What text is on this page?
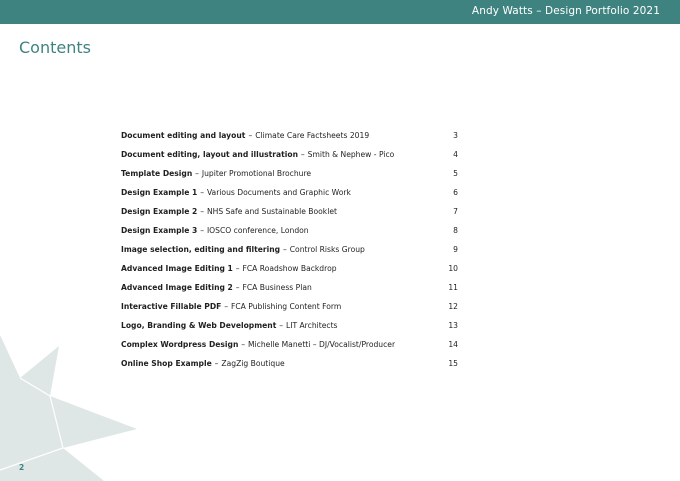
Andy Watts – Design Portfolio 2021
Contents
Document editing and layout – Climate Care Factsheets 2019	3
Document editing, layout and illustration – Smith & Nephew - Pico	4
Template Design – Jupiter Promotional Brochure	5
Design Example 1 – Various Documents and Graphic Work	6
Design Example 2 – NHS Safe and Sustainable Booklet	7
Design Example 3 – IOSCO conference, London	8
Image selection, editing and filtering – Control Risks Group	9
Advanced Image Editing 1 – FCA Roadshow Backdrop	10
Advanced Image Editing 2 – FCA Business Plan	11
Interactive Fillable PDF – FCA Publishing Content Form	12
Logo, Branding & Web Development – LIT Architects	13
Complex Wordpress Design – Michelle Manetti – DJ/Vocalist/Producer	14
Online Shop Example – ZagZig Boutique	15
2
